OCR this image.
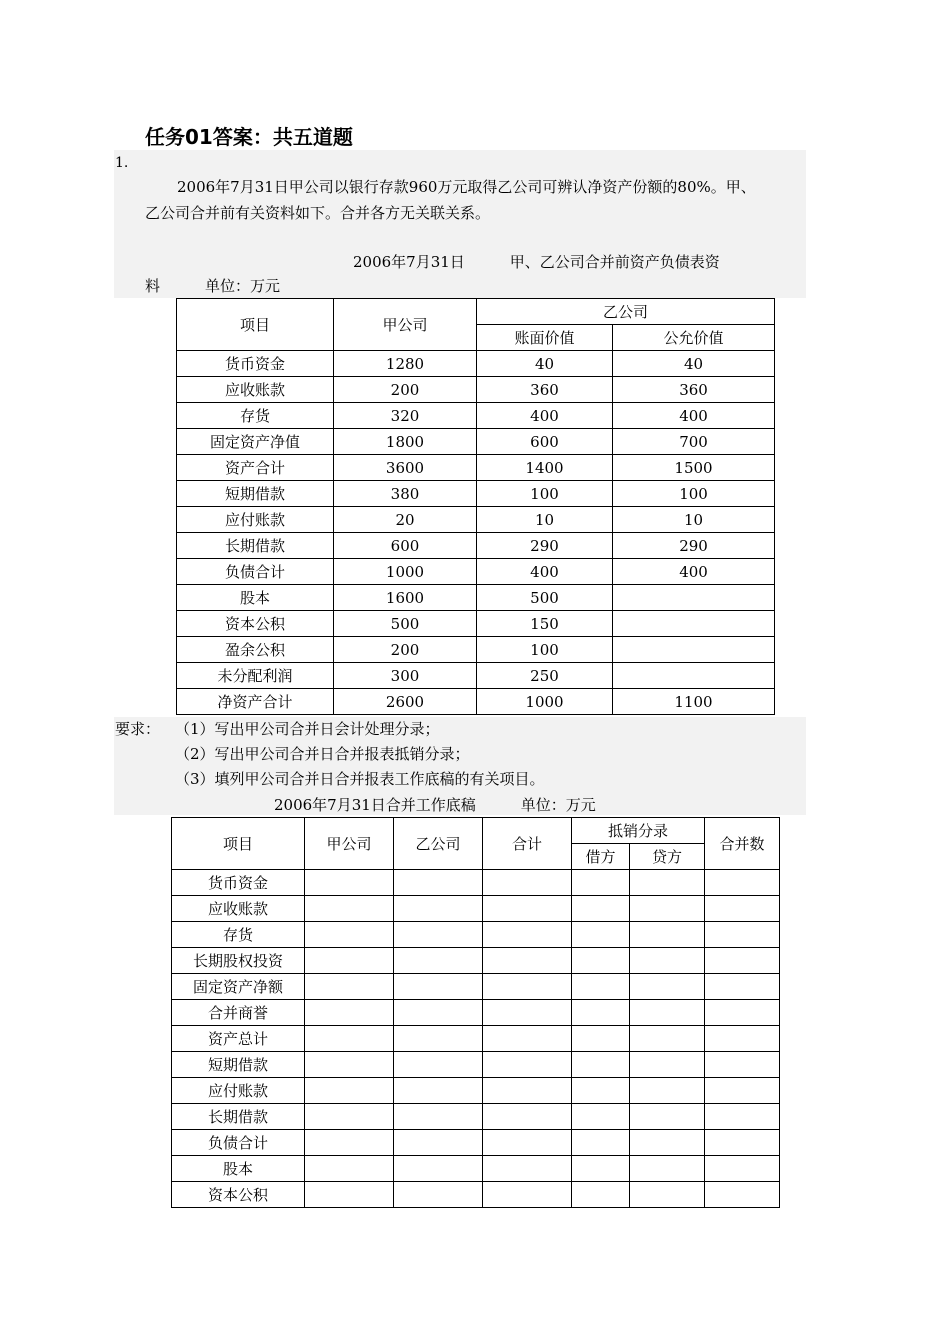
任务01答案：共五道题
1.
2006年7月31日甲公司以银行存款960万元取得乙公司可辨认净资产份额的80%。甲、
乙公司合并前有关资料如下。合并各方无关联关系。
2006年7月31日　　　甲、乙公司合并前资产负债表资
料　　　单位：万元
项目	甲公司	乙公司	
		账面价值	公允价值
货币资金	1280	40	40
应收账款	200	360	360
存货	320	400	400
固定资产净值	1800	600	700
资产合计	3600	1400	1500
短期借款	380	100	100
应付账款	20	10	10
长期借款	600	290	290
负债合计	1000	400	400
股本	1600	500	
资本公积	500	150	
盈余公积	200	100	
未分配利润	300	250	
净资产合计	2600	1000	1100
要求： （1）写出甲公司合并日会计处理分录；
（2）写出甲公司合并日合并报表抵销分录；
（3）填列甲公司合并日合并报表工作底稿的有关项目。
2006年7月31日合并工作底稿　　　单位：万元
项目	甲公司	乙公司	合计	抵销分录		合并数
				借方	贷方	
货币资金						
应收账款						
存货						
长期股权投资						
固定资产净额						
合并商誉						
资产总计						
短期借款						
应付账款						
长期借款						
负债合计						
股本						
资本公积						
